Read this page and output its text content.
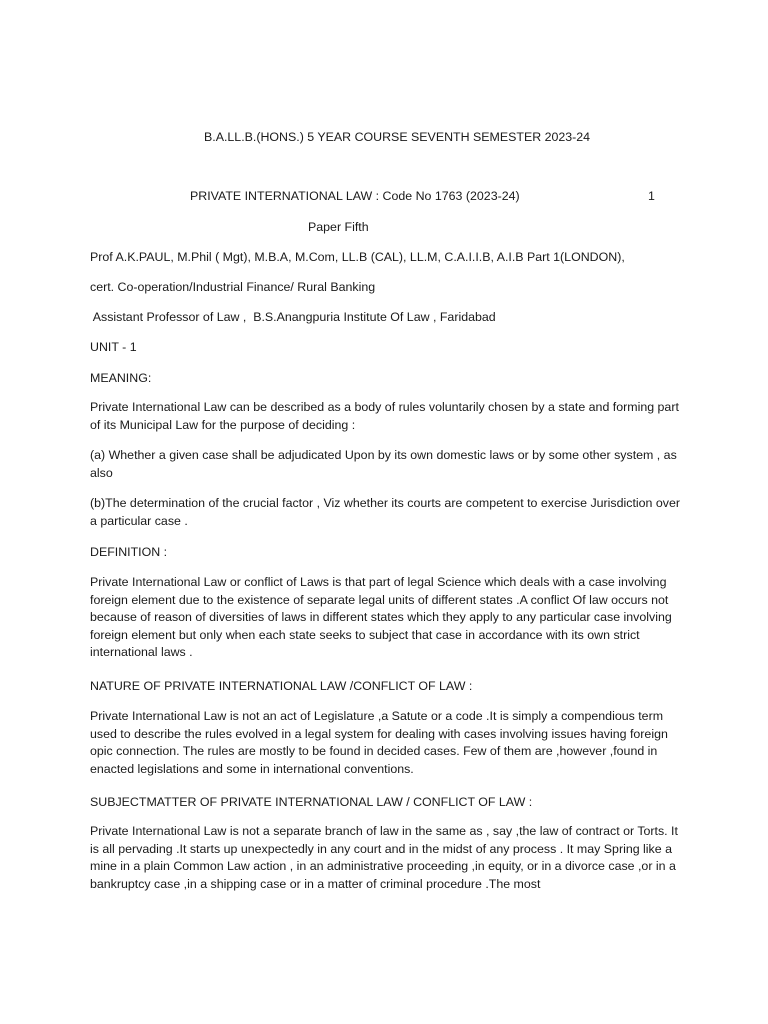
B.A.LL.B.(HONS.) 5 YEAR COURSE SEVENTH SEMESTER 2023-24
PRIVATE INTERNATIONAL LAW : Code No 1763 (2023-24)	1
Paper Fifth
Prof A.K.PAUL, M.Phil ( Mgt), M.B.A, M.Com, LL.B (CAL), LL.M, C.A.I.I.B, A.I.B Part 1(LONDON),
cert. Co-operation/Industrial Finance/ Rural Banking
Assistant Professor of Law ,  B.S.Anangpuria Institute Of Law , Faridabad
UNIT - 1
MEANING:
Private International Law can be described as a body of rules voluntarily chosen by a state and forming part of its Municipal Law for the purpose of deciding :
(a) Whether a given case shall be adjudicated Upon by its own domestic laws or by some other system , as also
(b)The determination of the crucial factor , Viz whether its courts are competent to exercise Jurisdiction over a particular case .
DEFINITION :
Private International Law or conflict of Laws is that part of legal Science which deals with a case involving foreign element due to the existence of separate legal units of different states .A conflict Of law occurs not because of reason of diversities of laws in different states which they apply to any particular case involving foreign element but only when each state seeks to subject that case in accordance with its own strict international laws .
NATURE OF PRIVATE INTERNATIONAL LAW /CONFLICT OF LAW :
Private International Law is not an act of Legislature ,a Satute or a code .It is simply a compendious term used to describe the rules evolved in a legal system for dealing with cases involving issues having foreign opic connection. The rules are mostly to be found in decided cases. Few of them are ,however ,found in enacted legislations and some in international conventions.
SUBJECTMATTER OF PRIVATE INTERNATIONAL LAW / CONFLICT OF LAW :
Private International Law is not a separate branch of law in the same as , say ,the law of contract or Torts. It is all pervading .It starts up unexpectedly in any court and in the midst of any process . It may Spring like a mine in a plain Common Law action , in an administrative proceeding ,in equity, or in a divorce case ,or in a bankruptcy case ,in a shipping case or in a matter of criminal procedure .The most
